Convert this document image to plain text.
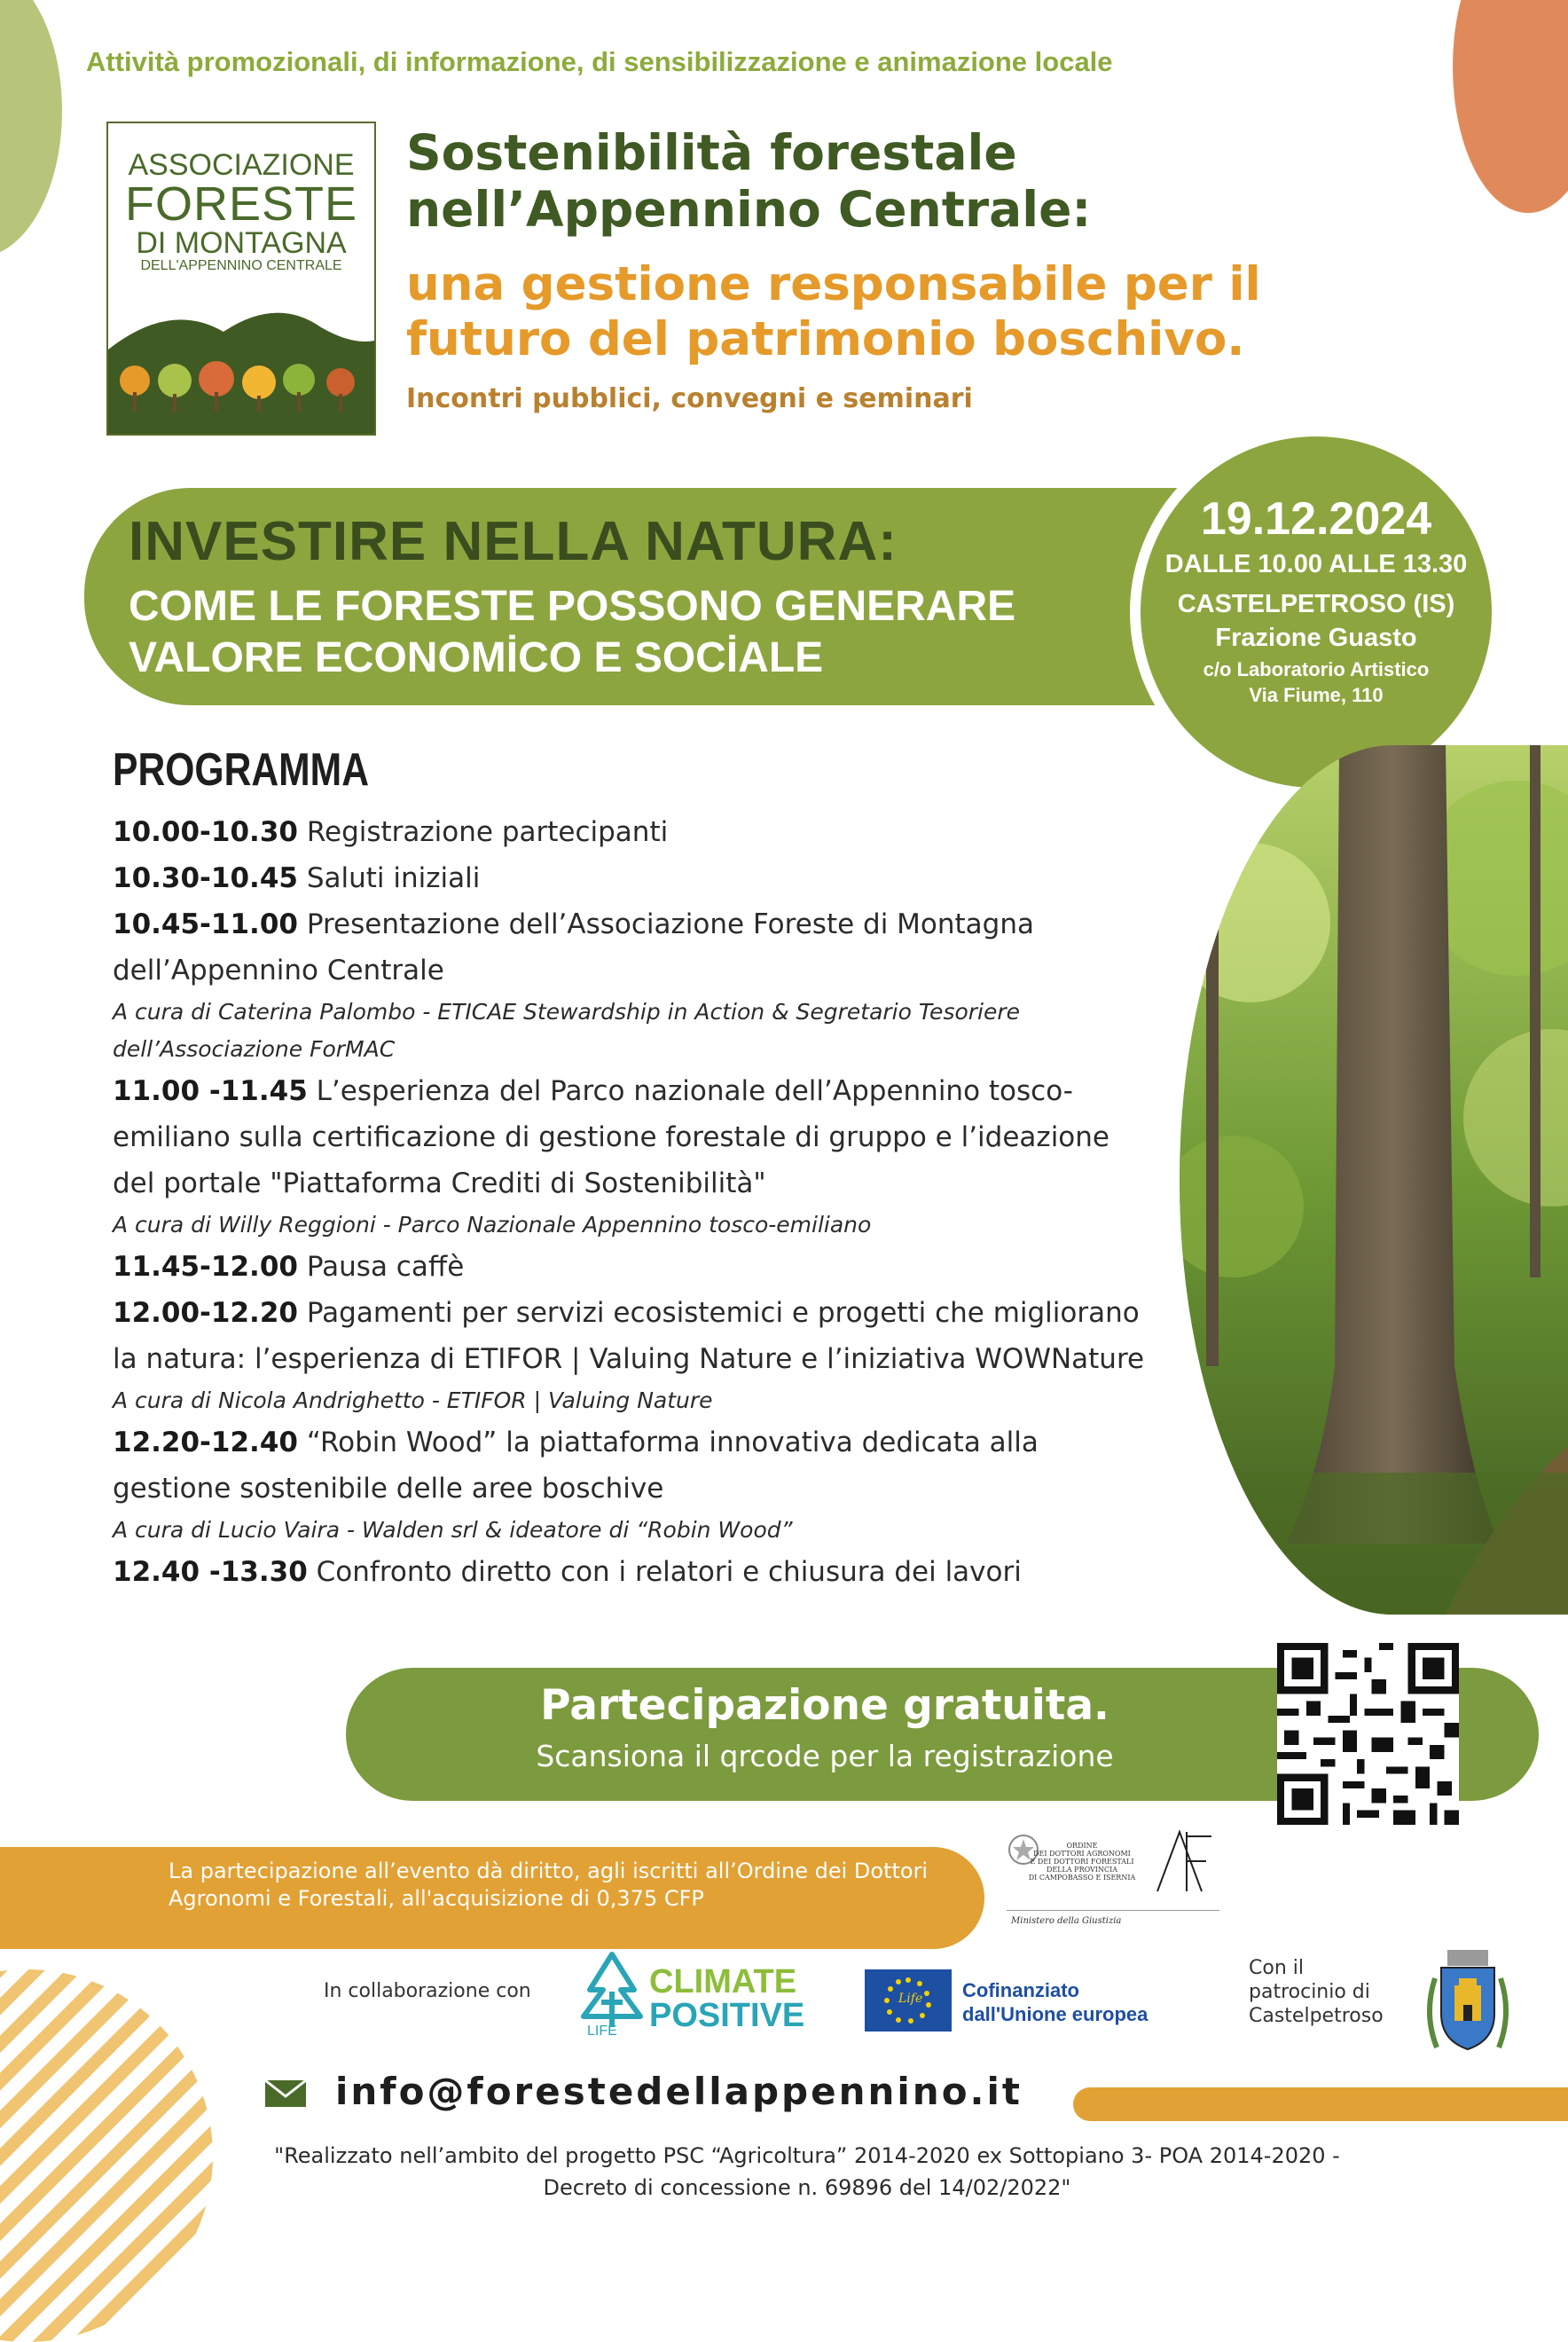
Attività promozionali, di informazione, di sensibilizzazione e animazione locale
ASSOCIAZIONE
FORESTE
DI MONTAGNA
DELL'APPENNINO CENTRALE
Sostenibilità forestale
nell’Appennino Centrale:
una gestione responsabile per il
futuro del patrimonio boschivo.
Incontri pubblici, convegni e seminari
INVESTIRE NELLA NATURA:
COME LE FORESTE POSSONO GENERARE
VALORE ECONOMİCO E SOCİALE
19.12.2024
DALLE 10.00 ALLE 13.30
CASTELPETROSO (IS)
Frazione Guasto
c/o Laboratorio Artistico
Via Fiume, 110
PROGRAMMA
10.00-10.30 Registrazione partecipanti
10.30-10.45 Saluti iniziali
10.45-11.00 Presentazione dell’Associazione Foreste di Montagna dell’Appennino Centrale
A cura di Caterina Palombo - ETICAE Stewardship in Action & Segretario Tesoriere dell’Associazione ForMAC
11.00 -11.45 L’esperienza del Parco nazionale dell’Appennino tosco-emiliano sulla certificazione di gestione forestale di gruppo e l’ideazione del portale "Piattaforma Crediti di Sostenibilità"
A cura di Willy Reggioni - Parco Nazionale Appennino tosco-emiliano
11.45-12.00 Pausa caffè
12.00-12.20 Pagamenti per servizi ecosistemici e progetti che migliorano la natura: l’esperienza di ETIFOR | Valuing Nature e l’iniziativa WOWNature
A cura di Nicola Andrighetto - ETIFOR | Valuing Nature
12.20-12.40 “Robin Wood” la piattaforma innovativa dedicata alla gestione sostenibile delle aree boschive
A cura di Lucio Vaira - Walden srl & ideatore di “Robin Wood”
12.40 -13.30 Confronto diretto con i relatori e chiusura dei lavori
Partecipazione gratuita.
Scansiona il qrcode per la registrazione
La partecipazione all’evento dà diritto, agli iscritti all’Ordine dei Dottori Agronomi e Forestali, all'acquisizione di 0,375 CFP
ORDINE
DEI DOTTORI AGRONOMI
E DEI DOTTORI FORESTALI
DELLA PROVINCIA
DI CAMPOBASSO E ISERNIA
Ministero della Giustizia
In collaborazione con
LIFE
CLIMATE
POSITIVE	Life Cofinanziato
dall'Unione europea
Con il patrocinio di Castelpetroso
info@forestedellappennino.it
"Realizzato nell’ambito del progetto PSC “Agricoltura” 2014-2020 ex Sottopiano 3- POA 2014-2020 -
Decreto di concessione n. 69896 del 14/02/2022"
